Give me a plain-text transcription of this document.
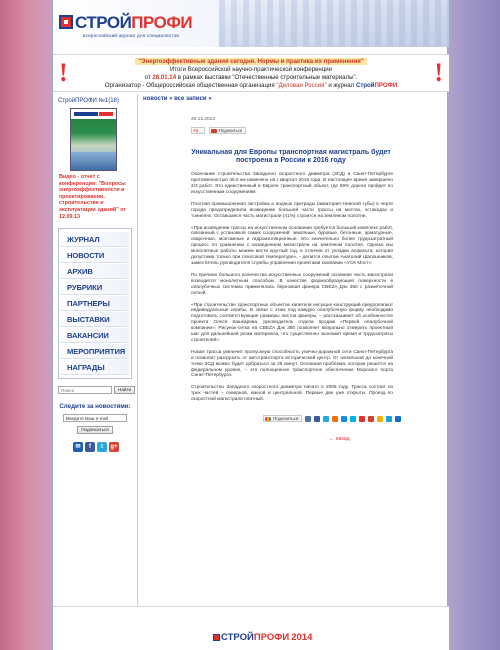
СТРОЙПРОФИ
всероссийский журнал для специалистов
!	!
"Энергоэффективные здания сегодня. Нормы и практика их применения"
Итоги Всероссийской научно-практической конференции
от 28.01.14 в рамках выставки "Отечественные строительные материалы".
Организатор - Общероссийская общественная организация "Деловая Россия" и журнал СтройПРОФИ
СтройПРОФИ №1(18)
Видео - отчет с конференции: "Вопросы энергоэффективности в проектировании, строительстве и эксплуатации зданий" от 12.09.13
ЖУРНАЛ
НОВОСТИ
АРХИВ
РУБРИКИ
ПАРТНЕРЫ
ВЫСТАВКИ
ВАКАНСИИ
МЕРОПРИЯТИЯ
НАГРАДЫ
Поиск
Найти
Следите за новостями:
Введите Ваш e-mail
Подписаться
✉	f	t	g+
новости » все записи »
20.12.2013
+1	Поделиться
Уникальная для Европы транспортная магистраль будет построена в России к 2016 году

Окончание строительства Западного скоростного диаметра (ЗСД) в Санкт-Петербурге протяженностью 46,6 км намечено на I квартал 2016 года. В настоящее время завершено 2/3 работ. Это единственный в Европе транспортный объект, где 59% дороги пройдет по искусственным сооружениям.

Плотная промышленная застройка и водные преграды (акватория Невской губы) в черте города предопределили возведение большей части трассы на мостах, эстакадах и тоннелях. Оставшаяся часть магистрали (41%) строится на земляном полотне.

«При возведении трассы на искусственном основании требуется большой комплекс работ, связанный с установкой самих сооружений: земляные, буровые, бетонные, арматурные, сварочные, монтажные и гидроизоляционные. Это значительно более трудозатратный процесс по сравнению с возведением магистрали на земляном полотне. Однако мы монолитные работы можем вести круглый год, в отличие от укладки асфальта, которая допустима только при плюсовой температуре», - делится опытом Анатолий Шапошников, заместитель руководителя службы управления проектами компании «УСК Мост».

По причине большого количества искусственных сооружений основная часть магистрали возводится монолитным способом. В качестве формообразующей поверхности в опалубочных системах применялась березовая фанера СВЕZA Дэк 350 с разметочной сеткой.

«При строительстве транспортных объектов капители несущих конструкций предполагают индивидуальные изгибы. В связи с этим под каждую опалубочную форму необходимо подготовить соответствующие размеры листов фанеры, – рассказывает об особенностях проекта Олеся Кашкарева, руководитель отдела продаж «Первой опалубочной компании». Рисунок-сетка на СВЕZA Дэк 350 позволяет визуально отмерить проектный шаг для дальнейшей резки материала, что существенно экономит время и трудозатраты строителей».

Новая трасса увеличит пропускную способность улично-дорожной сети Санкт-Петербурга и позволит разгрузить от автотранспорта исторический центр. От начальной до конечной точки ЗСД можно будет добраться за 25 минут. Основная проблема, которая решится на федеральном уровне, – это полноценное транспортное обеспечение Морского порта Санкт-Петербурга.

Строительство Западного скоростного диаметра начато в 2005 году. Трасса состоит из трех частей – северной, южной и центральной. Первые две уже открыты. Проезд по скоростной магистрали платный.

Поделиться
← назад
СТРОЙПРОФИ 2014
